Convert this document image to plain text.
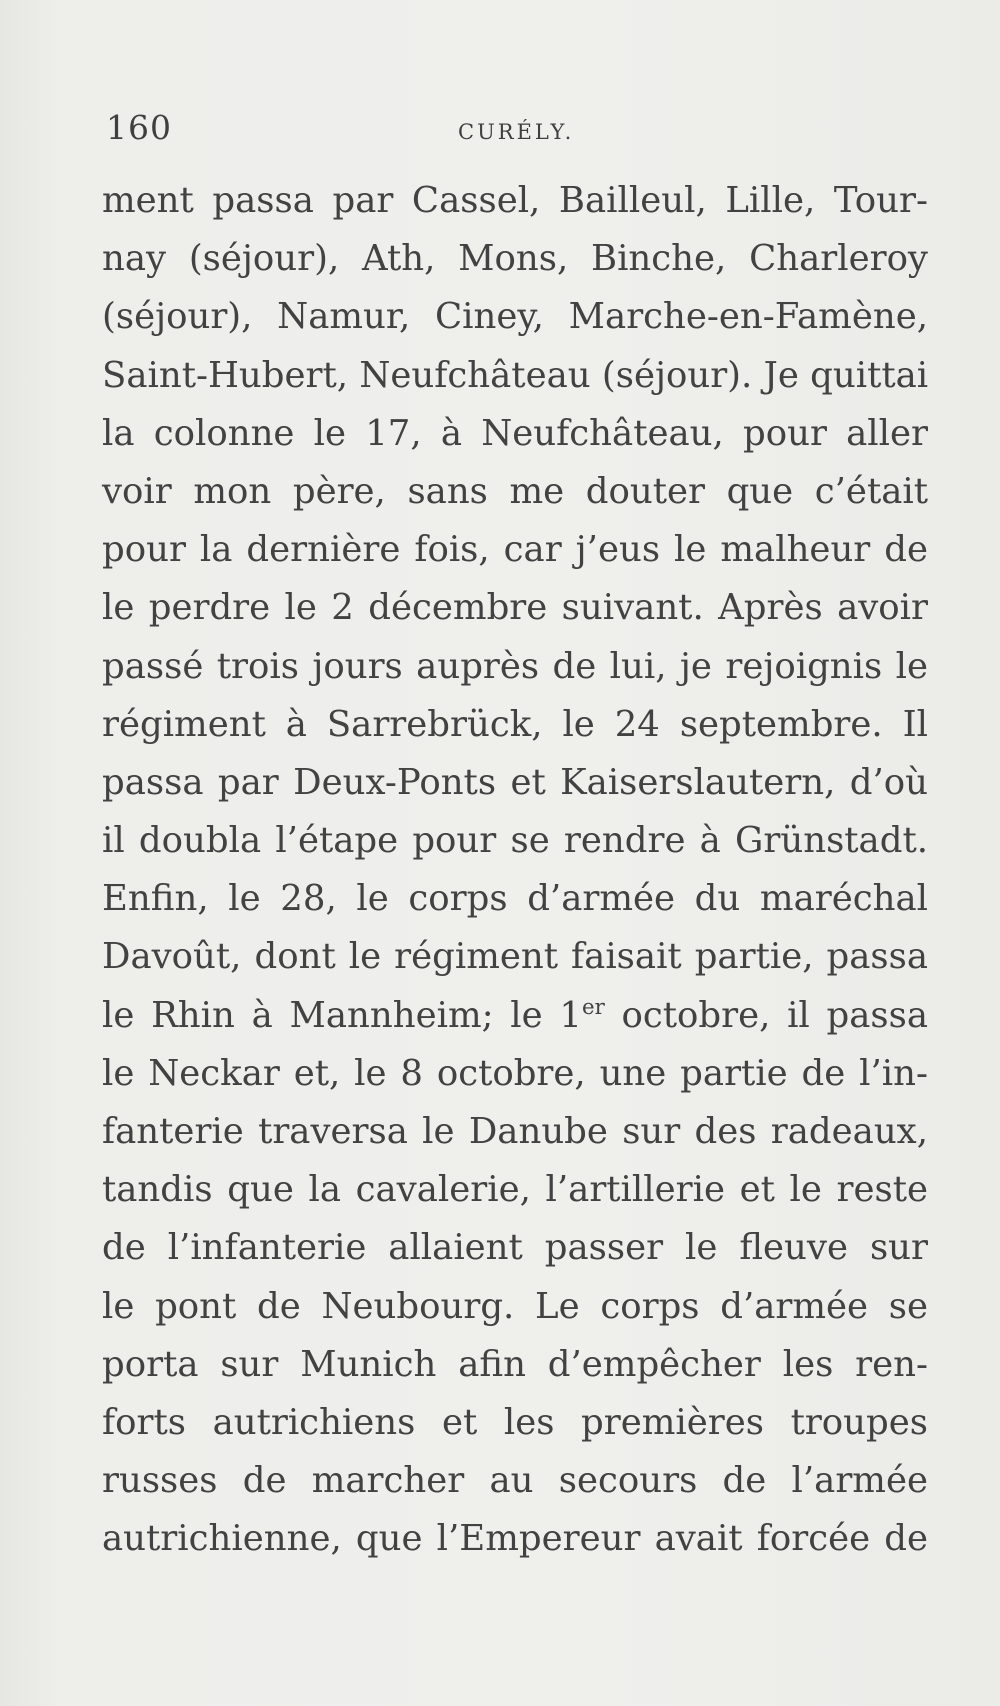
160	CURÉLY.
ment passa par Cassel, Bailleul, Lille, Tour-
nay (séjour), Ath, Mons, Binche, Charleroy
(séjour), Namur, Ciney, Marche-en-Famène,
Saint-Hubert, Neufchâteau (séjour). Je quittai
la colonne le 17, à Neufchâteau, pour aller
voir mon père, sans me douter que c’était
pour la dernière fois, car j’eus le malheur de
le perdre le 2 décembre suivant. Après avoir
passé trois jours auprès de lui, je rejoignis le
régiment à Sarrebrück, le 24 septembre. Il
passa par Deux-Ponts et Kaiserslautern, d’où
il doubla l’étape pour se rendre à Grünstadt.
Enfin, le 28, le corps d’armée du maréchal
Davoût, dont le régiment faisait partie, passa
le Rhin à Mannheim; le 1er octobre, il passa
le Neckar et, le 8 octobre, une partie de l’in-
fanterie traversa le Danube sur des radeaux,
tandis que la cavalerie, l’artillerie et le reste
de l’infanterie allaient passer le fleuve sur
le pont de Neubourg. Le corps d’armée se
porta sur Munich afin d’empêcher les ren-
forts autrichiens et les premières troupes
russes de marcher au secours de l’armée
autrichienne, que l’Empereur avait forcée de
